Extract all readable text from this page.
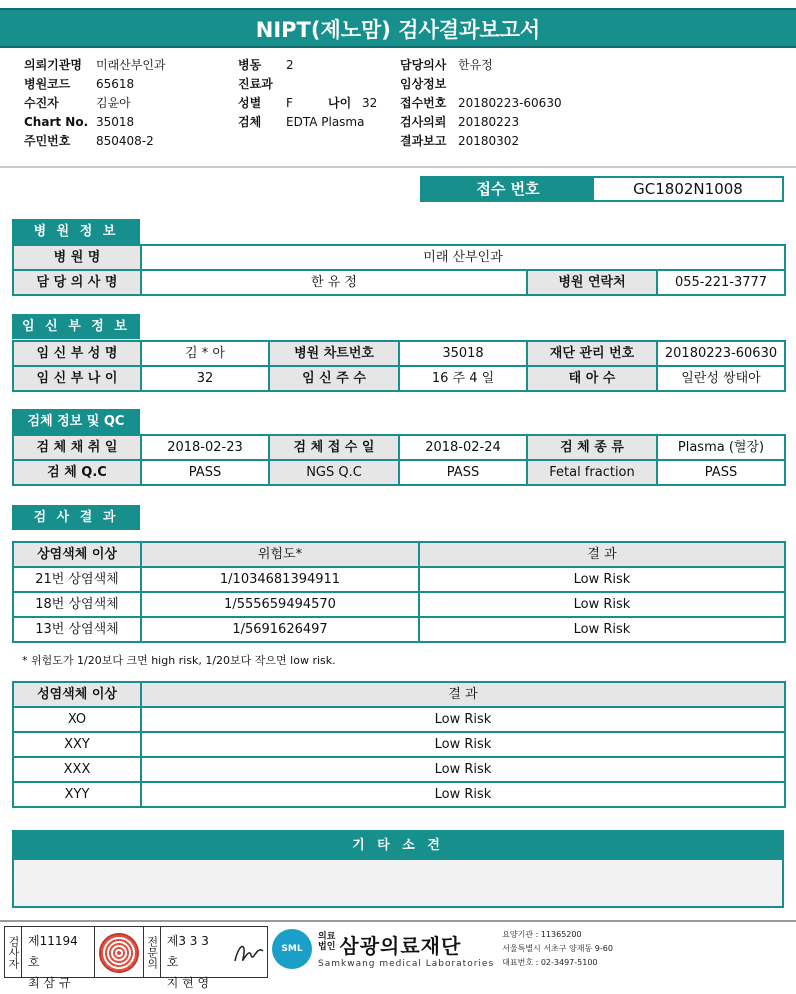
NIPT(제노맘) 검사결과보고서
의뢰기관명	미래산부인과
병원코드	65618
수진자	김윤아
Chart No. 35018
주민번호	850408-2
병동	2
진료과
성별	F	나이 32
검체	EDTA Plasma
담당의사 한유정
임상정보
접수번호 20180223-60630
검사의뢰 20180223
결과보고 20180302
접수 번호	GC1802N1008
병 원 정 보
병 원 명	미래 산부인과		
담 당 의 사 명	한 유 정	병원 연락처	055-221-3777
임 신 부 정 보
임 신 부 성 명	김 * 아	병원 차트번호	35018	재단 관리 번호	20180223-60630
임 신 부 나 이	32	임 신 주 수	16 주 4 일	태 아 수	일란성 쌍태아
검체 정보 및 QC
검 체 채 취 일	2018-02-23	검 체 접 수 일	2018-02-24	검 체 종 류	Plasma (혈장)
검 체 Q.C	PASS	NGS Q.C	PASS	Fetal fraction	PASS
검 사 결 과
상염색체 이상	위험도*	결 과
21번 상염색체	1/1034681394911	Low Risk
18번 상염색체	1/555659494570	Low Risk
13번 상염색체	1/5691626497	Low Risk
* 위험도가 1/20보다 크면 high risk, 1/20보다 작으면 low risk.
성염색체 이상	결 과
XO	Low Risk
XXY	Low Risk
XXX	Low Risk
XYY	Low Risk
기 타 소 견
검사자 제11194호
최 삼 규
전문의 제3 3 3 호
지 현 영
SML
의료
법인 삼광의료재단
Samkwang medical Laboratories
요양기관 : 11365200
서울특별시 서초구 양재동 9-60
대표번호 : 02-3497-5100
